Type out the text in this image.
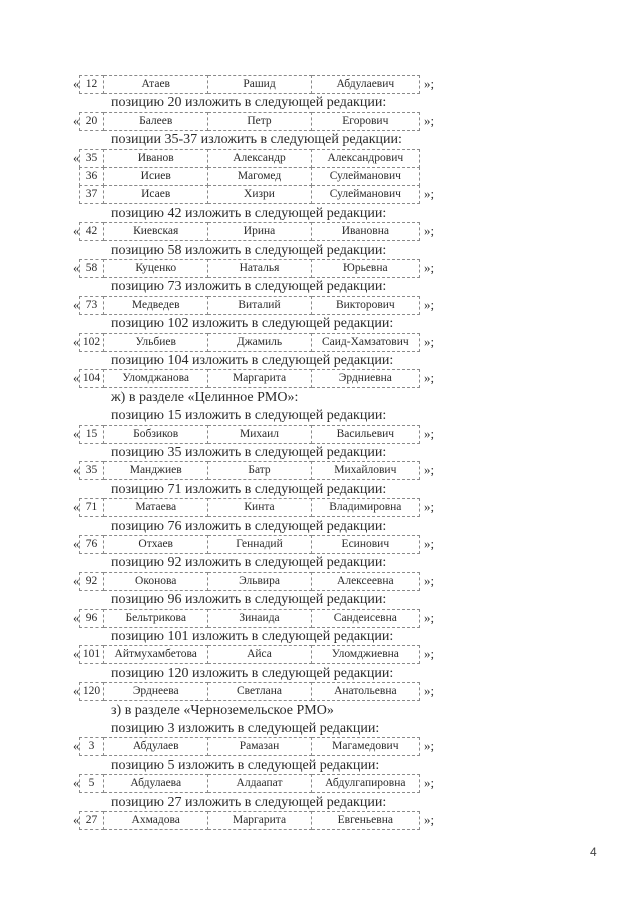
« 12	Атаев	Рашид	Абдулаевич »;
позицию 20 изложить в следующей редакции:
« 20	Балеев	Петр	Егорович	»;
позиции 35-37 изложить в следующей редакции:
« 35	Иванов	Александр	Александрович
36	Исиев	Магомед	Сулейманович
37	Исаев	Хизри	Сулейманович »;
позицию 42 изложить в следующей редакции:
« 42	Киевская	Ирина	Ивановна	»;
позицию 58 изложить в следующей редакции:
« 58	Куценко	Наталья	Юрьевна	»;
позицию 73 изложить в следующей редакции:
« 73	Медведев	Виталий	Викторович »;
позицию 102 изложить в следующей редакции:
« 102	Ульбиев	Джамиль	Саид-Хамзатович »;
позицию 104 изложить в следующей редакции:
« 104	Уломджанова	Маргарита	Эрдниевна »;
ж) в разделе «Целинное РМО»:
позицию 15 изложить в следующей редакции:
« 15	Бобзиков	Михаил	Васильевич »;
позицию 35 изложить в следующей редакции:
« 35	Манджиев	Батр	Михайлович »;
позицию 71 изложить в следующей редакции:
« 71	Матаева	Кинта	Владимировна »;
позицию 76 изложить в следующей редакции:
« 76	Отхаев	Геннадий	Есинович	»;
позицию 92 изложить в следующей редакции:
« 92	Оконова	Эльвира	Алексеевна »;
позицию 96 изложить в следующей редакции:
« 96	Бельтрикова	Зинаида	Сандеисевна »;
позицию 101 изложить в следующей редакции:
« 101	Айтмухамбетова	Айса	Уломджиевна »;
позицию 120 изложить в следующей редакции:
« 120	Эрднеева	Светлана	Анатольевна »;
з) в разделе «Черноземельское РМО»
позицию 3 изложить в следующей редакции:
« 3	Абдулаев	Рамазан	Магамедович »;
позицию 5 изложить в следующей редакции:
« 5	Абдулаева	Алдаапат	Абдулгапировна »;
позицию 27 изложить в следующей редакции:
« 27	Ахмадова	Маргарита	Евгеньевна »;
4
